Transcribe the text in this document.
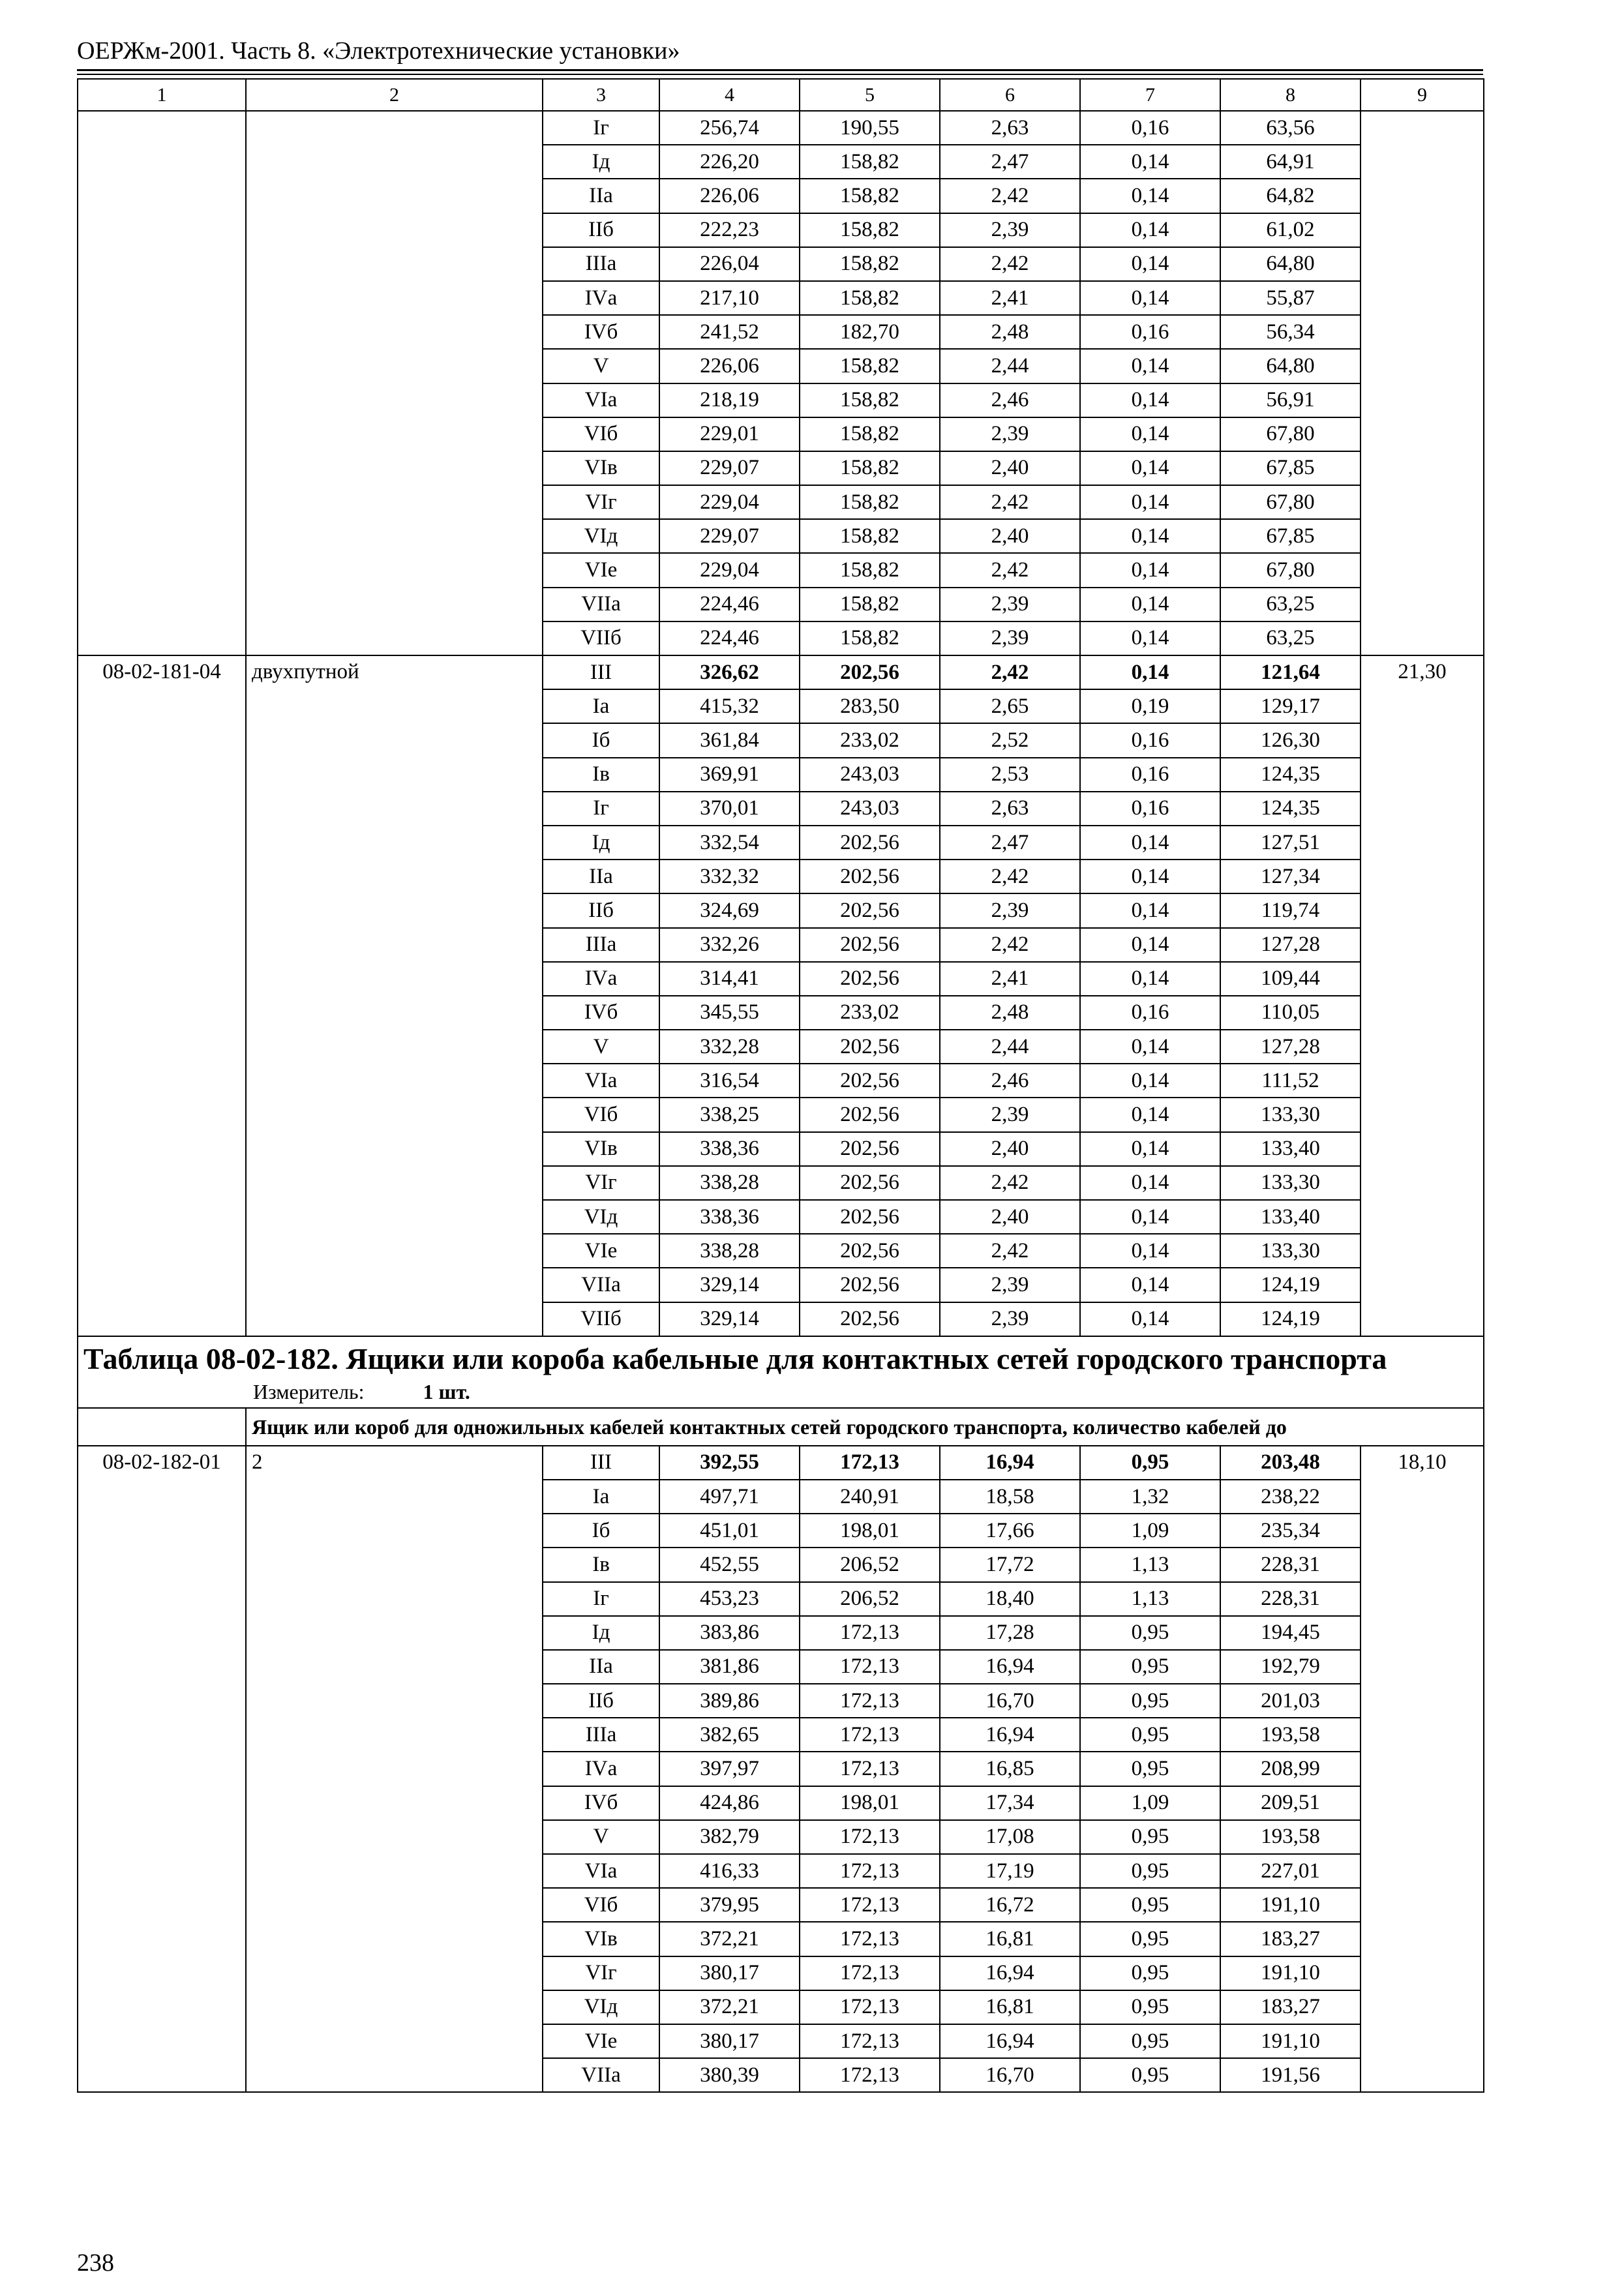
ОЕРЖм-2001. Часть 8. «Электротехнические установки»
1	2	3	4	5	6	7	8	9
		Iг	256,74	190,55	2,63	0,16	63,56	
		Iд	226,20	158,82	2,47	0,14	64,91	
		IIа	226,06	158,82	2,42	0,14	64,82	
		IIб	222,23	158,82	2,39	0,14	61,02	
		IIIа	226,04	158,82	2,42	0,14	64,80	
		IVа	217,10	158,82	2,41	0,14	55,87	
		IVб	241,52	182,70	2,48	0,16	56,34	
		V	226,06	158,82	2,44	0,14	64,80	
		VIа	218,19	158,82	2,46	0,14	56,91	
		VIб	229,01	158,82	2,39	0,14	67,80	
		VIв	229,07	158,82	2,40	0,14	67,85	
		VIг	229,04	158,82	2,42	0,14	67,80	
		VIд	229,07	158,82	2,40	0,14	67,85	
		VIе	229,04	158,82	2,42	0,14	67,80	
		VIIа	224,46	158,82	2,39	0,14	63,25	
		VIIб	224,46	158,82	2,39	0,14	63,25	
08-02-181-04	двухпутной	III	326,62	202,56	2,42	0,14	121,64	21,30
		Iа	415,32	283,50	2,65	0,19	129,17	
		Iб	361,84	233,02	2,52	0,16	126,30	
		Iв	369,91	243,03	2,53	0,16	124,35	
		Iг	370,01	243,03	2,63	0,16	124,35	
		Iд	332,54	202,56	2,47	0,14	127,51	
		IIа	332,32	202,56	2,42	0,14	127,34	
		IIб	324,69	202,56	2,39	0,14	119,74	
		IIIа	332,26	202,56	2,42	0,14	127,28	
		IVа	314,41	202,56	2,41	0,14	109,44	
		IVб	345,55	233,02	2,48	0,16	110,05	
		V	332,28	202,56	2,44	0,14	127,28	
		VIа	316,54	202,56	2,46	0,14	111,52	
		VIб	338,25	202,56	2,39	0,14	133,30	
		VIв	338,36	202,56	2,40	0,14	133,40	
		VIг	338,28	202,56	2,42	0,14	133,30	
		VIд	338,36	202,56	2,40	0,14	133,40	
		VIе	338,28	202,56	2,42	0,14	133,30	
		VIIа	329,14	202,56	2,39	0,14	124,19	
		VIIб	329,14	202,56	2,39	0,14	124,19	

Таблица 08-02-182. Ящики или короба кабельные для контактных сетей городского транспорта
Измеритель: 1 шт.								

	Ящик или короб для одножильных кабелей контактных сетей городского транспорта, количество кабелей до							
08-02-182-01	2	III	392,55	172,13	16,94	0,95	203,48	18,10
		Iа	497,71	240,91	18,58	1,32	238,22	
		Iб	451,01	198,01	17,66	1,09	235,34	
		Iв	452,55	206,52	17,72	1,13	228,31	
		Iг	453,23	206,52	18,40	1,13	228,31	
		Iд	383,86	172,13	17,28	0,95	194,45	
		IIа	381,86	172,13	16,94	0,95	192,79	
		IIб	389,86	172,13	16,70	0,95	201,03	
		IIIа	382,65	172,13	16,94	0,95	193,58	
		IVа	397,97	172,13	16,85	0,95	208,99	
		IVб	424,86	198,01	17,34	1,09	209,51	
		V	382,79	172,13	17,08	0,95	193,58	
		VIа	416,33	172,13	17,19	0,95	227,01	
		VIб	379,95	172,13	16,72	0,95	191,10	
		VIв	372,21	172,13	16,81	0,95	183,27	
		VIг	380,17	172,13	16,94	0,95	191,10	
		VIд	372,21	172,13	16,81	0,95	183,27	
		VIе	380,17	172,13	16,94	0,95	191,10	
		VIIа	380,39	172,13	16,70	0,95	191,56	
238
